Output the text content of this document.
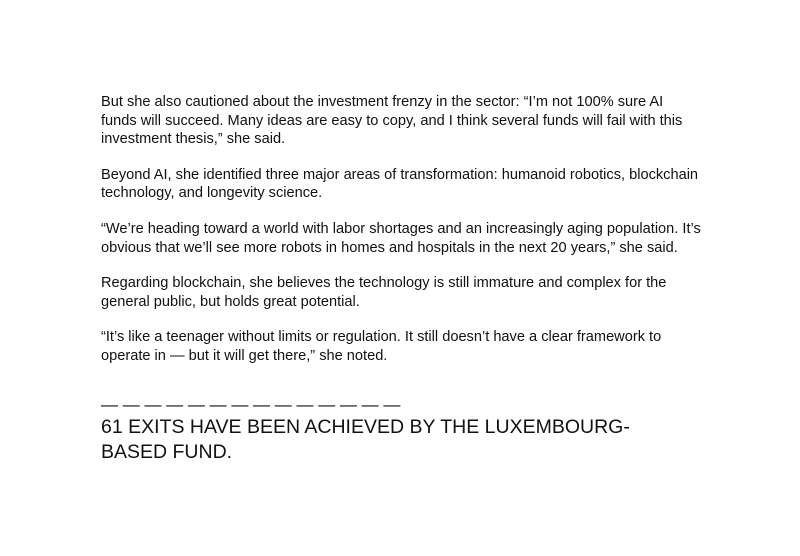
But she also cautioned about the investment frenzy in the sector: “I’m not 100% sure AI funds will succeed. Many ideas are easy to copy, and I think several funds will fail with this investment thesis,” she said.

Beyond AI, she identified three major areas of transformation: humanoid robotics, blockchain technology, and longevity science.

“We’re heading toward a world with labor shortages and an increasingly aging population. It’s obvious that we’ll see more robots in homes and hospitals in the next 20 years,” she said.

Regarding blockchain, she believes the technology is still immature and complex for the general public, but holds great potential.

“It’s like a teenager without limits or regulation. It still doesn’t have a clear framework to operate in — but it will get there,” she noted.

— — — — — — — — — — — — — —
61 EXITS HAVE BEEN ACHIEVED BY THE LUXEMBOURG-BASED FUND.
